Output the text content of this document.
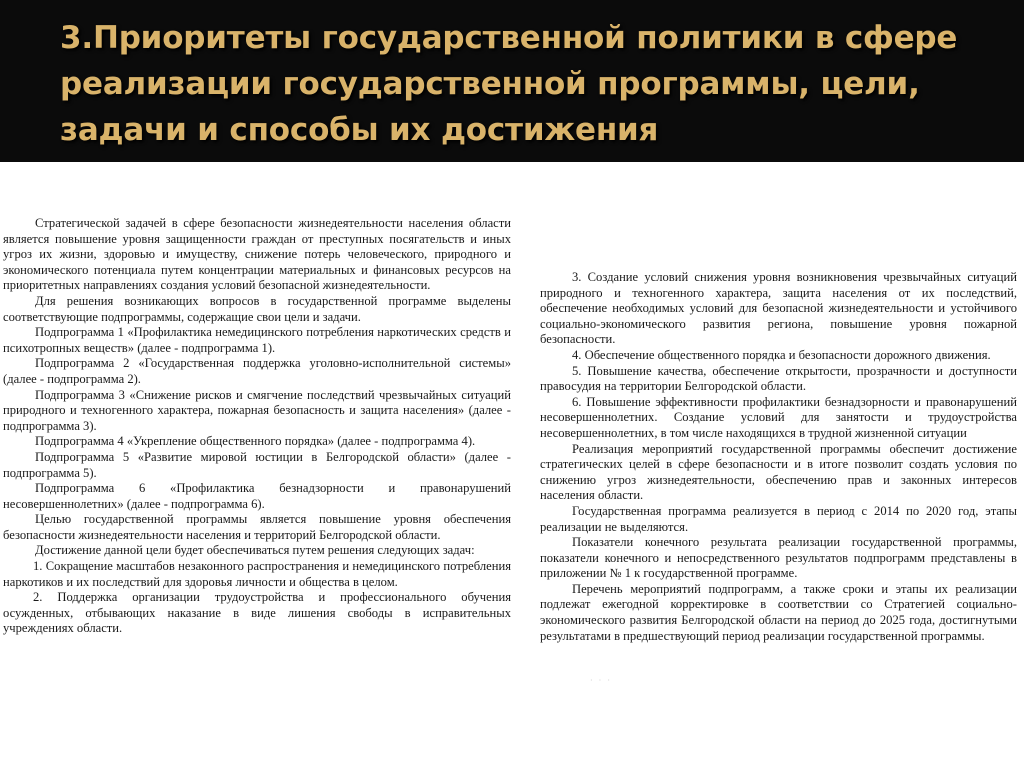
3.Приоритеты государственной политики в сфере реализации государственной программы, цели, задачи и способы их достижения

Стратегической задачей в сфере безопасности жизнедеятельности населения области является повышение уровня защищенности граждан от преступных посягательств и иных угроз их жизни, здоровью и имуществу, снижение потерь человеческого, природного и экономического потенциала путем концентрации материальных и финансовых ресурсов на приоритетных направлениях создания условий безопасной жизнедеятельности.

Для решения возникающих вопросов в государственной программе выделены соответствующие подпрограммы, содержащие свои цели и задачи.

Подпрограмма 1 «Профилактика немедицинского потребления наркотических средств и психотропных веществ» (далее - подпрограмма 1).

Подпрограмма 2 «Государственная поддержка уголовно-исполнительной системы» (далее - подпрограмма 2).

Подпрограмма 3 «Снижение рисков и смягчение последствий чрезвычайных ситуаций природного и техногенного характера, пожарная безопасность и защита населения» (далее - подпрограмма 3).

Подпрограмма 4 «Укрепление общественного порядка» (далее - подпрограмма 4).

Подпрограмма 5 «Развитие мировой юстиции в Белгородской области» (далее - подпрограмма 5).

Подпрограмма 6 «Профилактика безнадзорности и правонарушений несовершеннолетних» (далее - подпрограмма 6).

Целью государственной программы является повышение уровня обеспечения безопасности жизнедеятельности населения и территорий Белгородской области.

Достижение данной цели будет обеспечиваться путем решения следующих задач:

1. Сокращение масштабов незаконного распространения и немедицинского потребления наркотиков и их последствий для здоровья личности и общества в целом.

2. Поддержка организации трудоустройства и профессионального обучения осужденных, отбывающих наказание в виде лишения свободы в исправительных учреждениях области.

3. Создание условий снижения уровня возникновения чрезвычайных ситуаций природного и техногенного характера, защита населения от их последствий, обеспечение необходимых условий для безопасной жизнедеятельности и устойчивого социально-экономического развития региона, повышение уровня пожарной безопасности.

4. Обеспечение общественного порядка и безопасности дорожного движения.

5. Повышение качества, обеспечение открытости, прозрачности и доступности правосудия на территории Белгородской области.

6. Повышение эффективности профилактики безнадзорности и правонарушений несовершеннолетних. Создание условий для занятости и трудоустройства несовершеннолетних, в том числе находящихся в трудной жизненной ситуации

Реализация мероприятий государственной программы обеспечит достижение стратегических целей в сфере безопасности и в итоге позволит создать условия по снижению угроз жизнедеятельности, обеспечению прав и законных интересов населения области.

Государственная программа реализуется в период с 2014 по 2020 год, этапы реализации не выделяются.

Показатели конечного результата реализации государственной программы, показатели конечного и непосредственного результатов подпрограмм представлены в приложении № 1 к государственной программе.

Перечень мероприятий подпрограмм, а также сроки и этапы их реализации подлежат ежегодной корректировке в соответствии со Стратегией социально-экономического развития Белгородской области на период до 2025 года, достигнутыми результатами в предшествующий период реализации государственной программы.

· · ·
